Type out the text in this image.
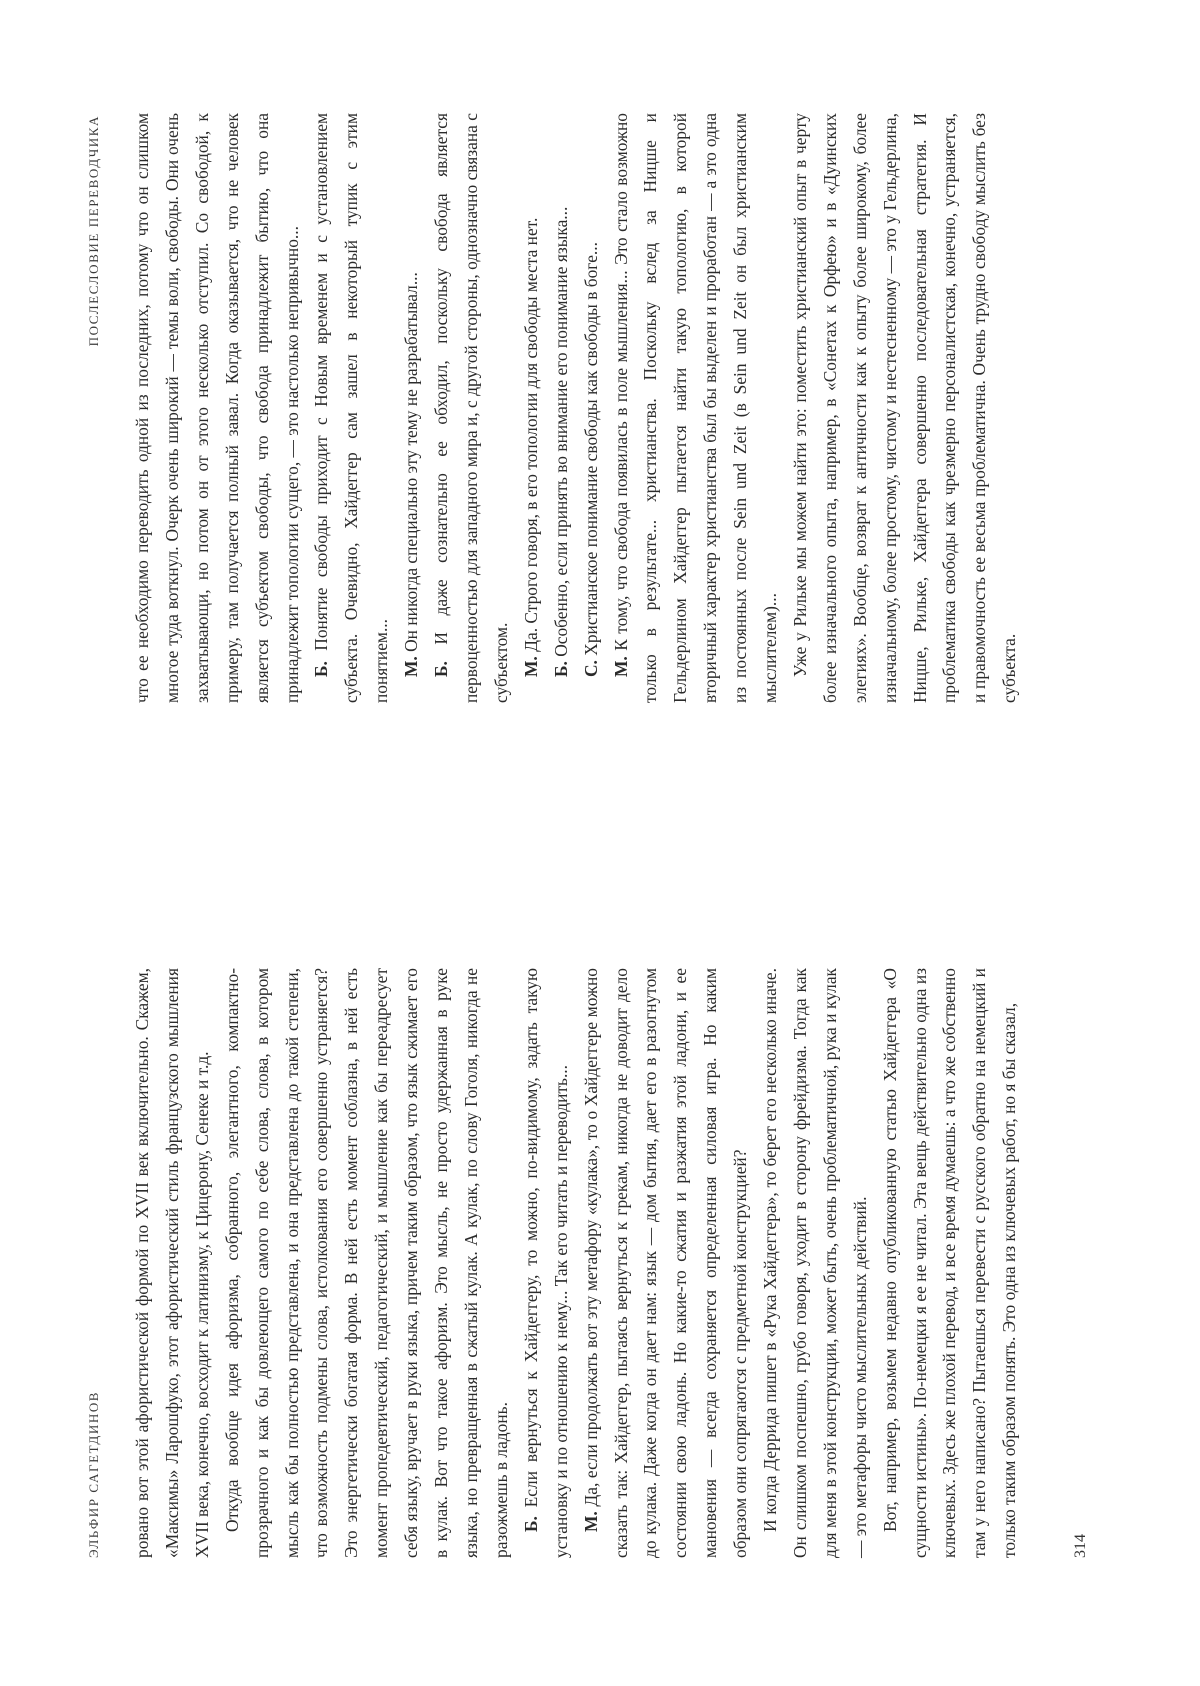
ЭЛЬФИР САГЕТДИНОВ ровано вот этой афористической формой по XVII век включительно. Скажем, «Максимы» Ларошфуко, этот афористический стиль французского мышления XVII века, конечно, восходит к латинизму, к Цицерону, Сенеке и т.д. Откуда вообще идея афоризма, собранного, элегантного, компактно-прозрачного и как бы довлеющего самого по себе слова, слова, в котором мысль как бы полностью представлена, и она представлена до такой степени, что возможность подмены слова, истолкования его совершенно устраняется? Это энергетически богатая форма. В ней есть момент соблазна, в ней есть момент пропедевтический, педагогический, и мышление как бы переадресует себя языку, вручает в руки языка, причем таким образом, что язык сжимает его в кулак. Вот что такое афоризм. Это мысль, не просто удержанная в руке языка, но превращенная в сжатый кулак. А кулак, по слову Гоголя, никогда не разожмешь в ладонь. Б. Если вернуться к Хайдеггеру, то можно, по-видимому, задать такую установку и по отношению к нему... Так его читать и переводить... М. Да, если продолжать вот эту метафору «кулака», то о Хайдеггере можно сказать так: Хайдеггер, пытаясь вернуться к грекам, никогда не доводит дело до кулака. Даже когда он дает нам: язык — дом бытия, дает его в разогнутом состоянии свою ладонь. Но какие-то сжатия и разжатия этой ладони, и ее мановения — всегда сохраняется определенная силовая игра. Но каким образом они сопрягаются с предметной конструкцией? И когда Деррида пишет в «Рука Хайдеггера», то берет его несколько иначе. Он слишком поспешно, грубо говоря, уходит в сторону фрейдизма. Тогда как для меня в этой конструкции, может быть, очень проблематичной, рука и кулак — это метафоры чисто мыслительных действий. Вот, например, возьмем недавно опубликованную статью Хайдеггера «О сущности истины». По-немецки я ее не читал. Эта вещь действительно одна из ключевых. Здесь же плохой перевод, и все время думаешь: а что же собственно там у него написано? Пытаешься перевести с русского обратно на немецкий и только таким образом понять. Это одна из ключевых работ, но я бы сказал,	314
ПОСЛЕСЛОВИЕ ПЕРЕВОДЧИКА что ее необходимо переводить одной из последних, потому что он слишком многое туда воткнул. Очерк очень широкий — темы воли, свободы. Они очень захватывающи, но потом он от этого несколько отступил. Со свободой, к примеру, там получается полный завал. Когда оказывается, что не человек является субъектом свободы, что свобода принадлежит бытию, что она принадлежит топологии сущего, — это настолько непривычно... Б. Понятие свободы приходит с Новым временем и с установлением субъекта. Очевидно, Хайдеггер сам зашел в некоторый тупик с этим понятием... М. Он никогда специально эту тему не разрабатывал...

Б. И даже сознательно ее обходил, поскольку свобода является первоценностью для западного мира и, с другой стороны, однозначно связана с субъектом. М. Да. Строго говоря, в его топологии для свободы места нет.

Б. Особенно, если принять во внимание его понимание языка...

С. Христианское понимание свободы как свободы в боге...

М. К тому, что свобода появилась в поле мышления... Это стало возможно только в результате... христианства. Поскольку вслед за Ницше и Гельдерлином Хайдеггер пытается найти такую топологию, в которой вторичный характер христианства был бы выделен и проработан — а это одна из постоянных после Sein und Zeit (в Sein und Zeit он был христианским мыслителем)... Уже у Рильке мы можем найти это: поместить христианский опыт в черту более изначального опыта, например, в «Сонетах к Орфею» и в «Дуинских элегиях». Вообще, возврат к античности как к опыту более широкому, более изначальному, более простому, чистому и нестесненному — это у Гельдерлина, Ницше, Рильке, Хайдеггера совершенно последовательная стратегия. И проблематика свободы как чрезмерно персоналистская, конечно, устраняется, и правомочность ее весьма проблематична. Очень трудно свободу мыслить без субъекта.
